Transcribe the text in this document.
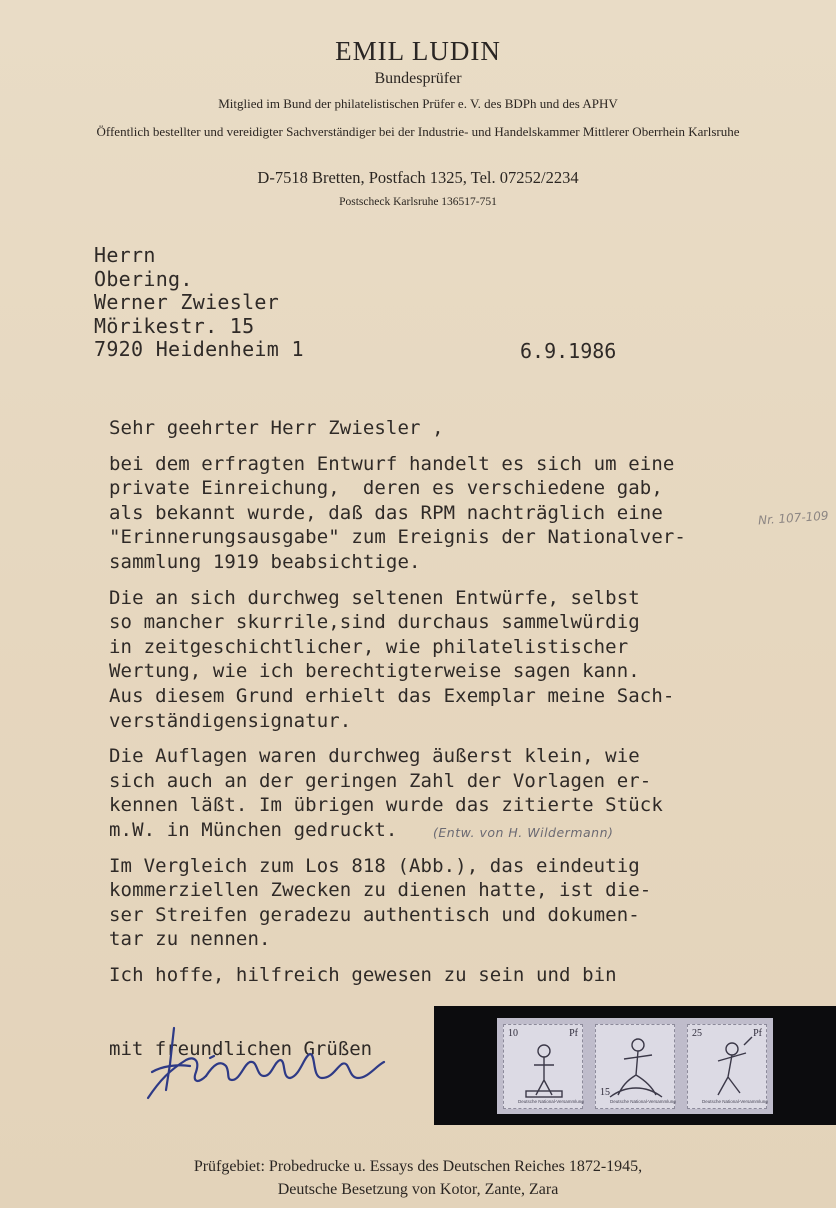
EMIL LUDIN
Bundesprüfer
Mitglied im Bund der philatelistischen Prüfer e. V. des BDPh und des APHV
Öffentlich bestellter und vereidigter Sachverständiger bei der Industrie- und Handelskammer Mittlerer Oberrhein Karlsruhe
D-7518 Bretten, Postfach 1325, Tel. 07252/2234
Postscheck Karlsruhe 136517-751
Herrn
Obering.
Werner Zwiesler
Mörikestr. 15
7920 Heidenheim 1	6.9.1986
Sehr geehrter Herr Zwiesler ,
bei dem erfragten Entwurf handelt es sich um eine
private Einreichung,  deren es verschiedene gab,
als bekannt wurde, daß das RPM nachträglich eine
"Erinnerungsausgabe" zum Ereignis der Nationalver-
sammlung 1919 beabsichtige.
Die an sich durchweg seltenen Entwürfe, selbst
so mancher skurrile,sind durchaus sammelwürdig
in zeitgeschichtlicher, wie philatelistischer
Wertung, wie ich berechtigterweise sagen kann.
Aus diesem Grund erhielt das Exemplar meine Sach-
verständigensignatur.
Die Auflagen waren durchweg äußerst klein, wie
sich auch an der geringen Zahl der Vorlagen er-
kennen läßt. Im übrigen wurde das zitierte Stück
m.W. in München gedruckt.
Im Vergleich zum Los 818 (Abb.), das eindeutig
kommerziellen Zwecken zu dienen hatte, ist die-
ser Streifen geradezu authentisch und dokumen-
tar zu nennen.
Ich hoffe, hilfreich gewesen zu sein und bin
(Entw. von H. Wildermann)
Nr. 107-109
mit freundlichen Grüßen
10	Pf
Deutsche National-Versammlung
15
Deutsche National-Versammlung
25	Pf
Deutsche National-Versammlung
Prüfgebiet: Probedrucke u. Essays des Deutschen Reiches 1872-1945,
Deutsche Besetzung von Kotor, Zante, Zara
